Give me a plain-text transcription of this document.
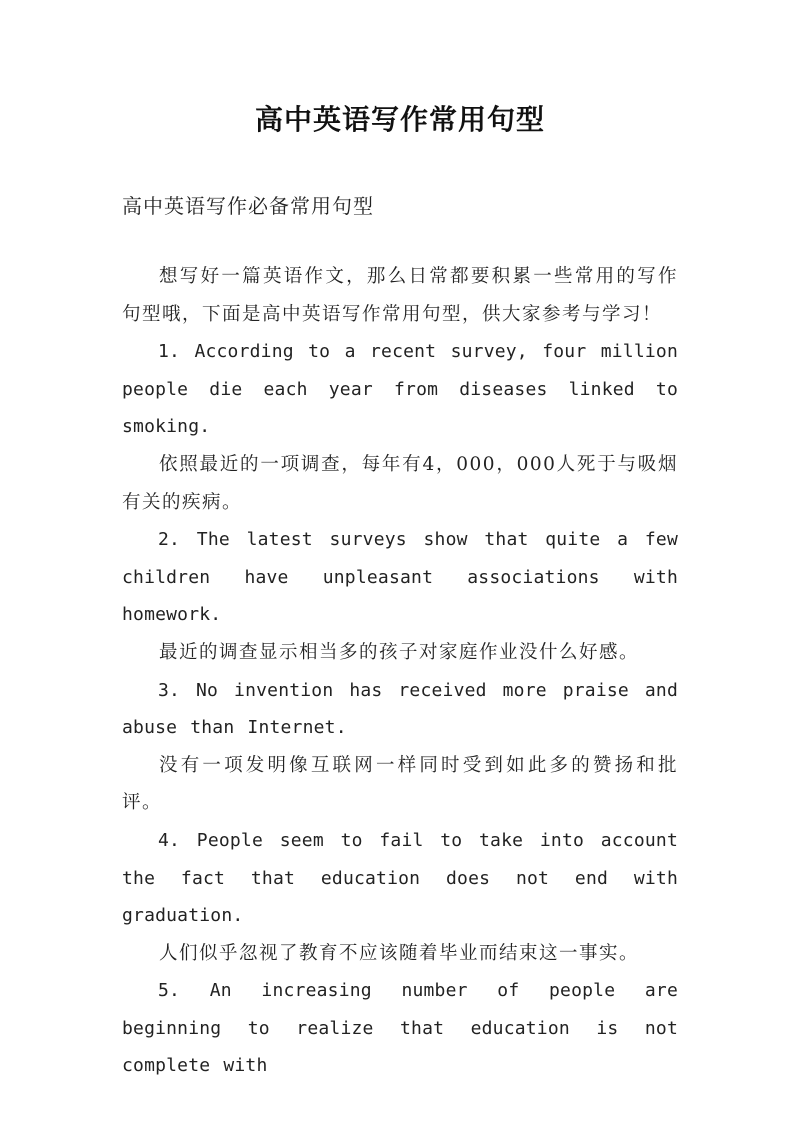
高中英语写作常用句型
高中英语写作必备常用句型

想写好一篇英语作文，那么日常都要积累一些常用的写作句型哦，下面是高中英语写作常用句型，供大家参考与学习！

1. According to a recent survey, four million people die each year from diseases linked to smoking.

依照最近的一项调查，每年有4，000，000人死于与吸烟有关的疾病。

2. The latest surveys show that quite a few children have unpleasant associations with homework.

最近的调查显示相当多的孩子对家庭作业没什么好感。

3. No invention has received more praise and abuse than Internet.

没有一项发明像互联网一样同时受到如此多的赞扬和批评。

4. People seem to fail to take into account the fact that education does not end with graduation.

人们似乎忽视了教育不应该随着毕业而结束这一事实。

5. An increasing number of people are beginning to realize that education is not complete with
